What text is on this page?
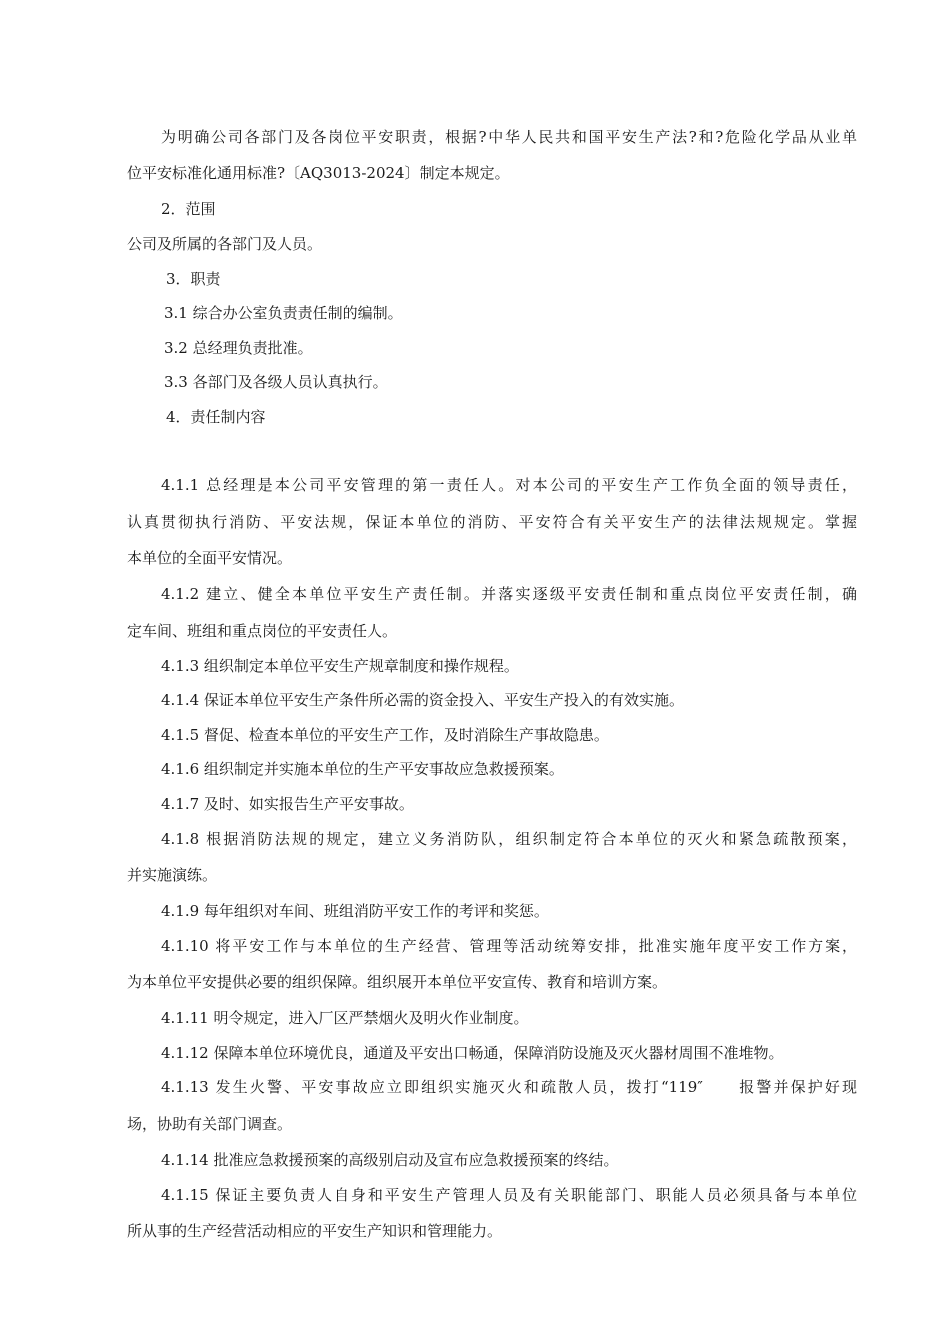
为明确公司各部门及各岗位平安职责，根据?中华人民共和国平安生产法?和?危险化学品从业单
位平安标准化通用标准?〔AQ3013-2024〕制定本规定。
2．范围
公司及所属的各部门及人员。
3．职责
3.1 综合办公室负责责任制的编制。
3.2 总经理负责批准。
3.3 各部门及各级人员认真执行。
4．责任制内容
4.1.1 总经理是本公司平安管理的第一责任人。对本公司的平安生产工作负全面的领导责任，
认真贯彻执行消防、平安法规，保证本单位的消防、平安符合有关平安生产的法律法规规定。掌握
本单位的全面平安情况。
4.1.2 建立、健全本单位平安生产责任制。并落实逐级平安责任制和重点岗位平安责任制，确
定车间、班组和重点岗位的平安责任人。
4.1.3 组织制定本单位平安生产规章制度和操作规程。
4.1.4 保证本单位平安生产条件所必需的资金投入、平安生产投入的有效实施。
4.1.5 督促、检查本单位的平安生产工作，及时消除生产事故隐患。
4.1.6 组织制定并实施本单位的生产平安事故应急救援预案。
4.1.7 及时、如实报告生产平安事故。
4.1.8 根据消防法规的规定，建立义务消防队，组织制定符合本单位的灭火和紧急疏散预案，
并实施演练。
4.1.9 每年组织对车间、班组消防平安工作的考评和奖惩。
4.1.10 将平安工作与本单位的生产经营、管理等活动统筹安排，批准实施年度平安工作方案，
为本单位平安提供必要的组织保障。组织展开本单位平安宣传、教育和培训方案。
4.1.11 明令规定，进入厂区严禁烟火及明火作业制度。
4.1.12 保障本单位环境优良，通道及平安出口畅通，保障消防设施及灭火器材周围不准堆物。
4.1.13 发生火警、平安事故应立即组织实施灭火和疏散人员，拨打“119″　　报警并保护好现
场，协助有关部门调查。
4.1.14 批准应急救援预案的高级别启动及宣布应急救援预案的终结。
4.1.15 保证主要负责人自身和平安生产管理人员及有关职能部门、职能人员必须具备与本单位
所从事的生产经营活动相应的平安生产知识和管理能力。
